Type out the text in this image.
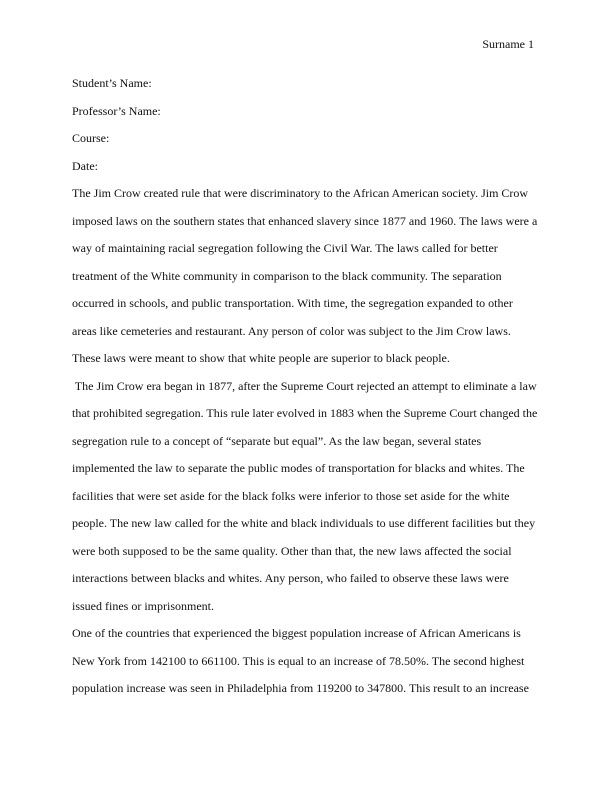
Surname 1
Student’s Name:
Professor’s Name:
Course:
Date:
The Jim Crow created rule that were discriminatory to the African American society. Jim Crow
imposed laws on the southern states that enhanced slavery since 1877 and 1960. The laws were a
way of maintaining racial segregation following the Civil War. The laws called for better
treatment of the White community in comparison to the black community. The separation
occurred in schools, and public transportation. With time, the segregation expanded to other
areas like cemeteries and restaurant. Any person of color was subject to the Jim Crow laws.
These laws were meant to show that white people are superior to black people.
The Jim Crow era began in 1877, after the Supreme Court rejected an attempt to eliminate a law
that prohibited segregation. This rule later evolved in 1883 when the Supreme Court changed the
segregation rule to a concept of “separate but equal”. As the law began, several states
implemented the law to separate the public modes of transportation for blacks and whites. The
facilities that were set aside for the black folks were inferior to those set aside for the white
people. The new law called for the white and black individuals to use different facilities but they
were both supposed to be the same quality. Other than that, the new laws affected the social
interactions between blacks and whites. Any person, who failed to observe these laws were
issued fines or imprisonment.
One of the countries that experienced the biggest population increase of African Americans is
New York from 142100 to 661100. This is equal to an increase of 78.50%. The second highest
population increase was seen in Philadelphia from 119200 to 347800. This result to an increase
